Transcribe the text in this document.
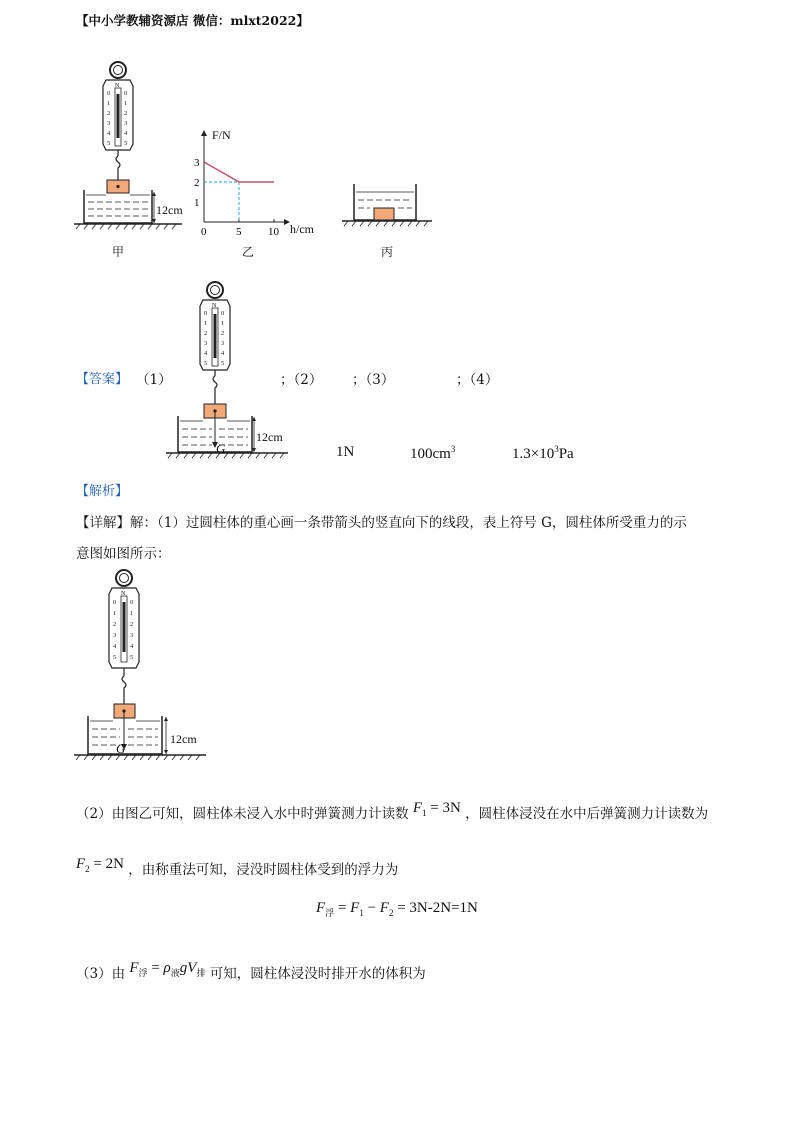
【中小学教辅资源店 微信：mlxt2022】
N
0
1
2
3
4
5
0
1
2
3
4
5
12cm
甲
0	5 10
1
2
3
F/N
h/cm
乙	丙
N
0
1
2
3
4
5
0
1
2
3
4
5
G
12cm
【答案】 （1）	；（2） ；（3）	；（4）
1N	$100cm^3$	$1.3\times 10^3Pa$
【解析】
【详解】解：（1）过圆柱体的重心画一条带箭头的竖直向下的线段，表上符号 G，圆柱体所受重力的示
意图如图所示：
N
0
1
2
3
4
5
0
1
2
3
4
5
G
12cm
（2）由图乙可知，圆柱体未浸入水中时弹簧测力计读数 $F_1 = 3N$ ，圆柱体浸没在水中后弹簧测力计读数为
$F_2 = 2N$ ，由称重法可知，浸没时圆柱体受到的浮力为
$F_浮 = F_1 - F_2 = 3N-2N=1N$
（3）由 $F_浮 = \rho_液gV_排$ 可知，圆柱体浸没时排开水的体积为
